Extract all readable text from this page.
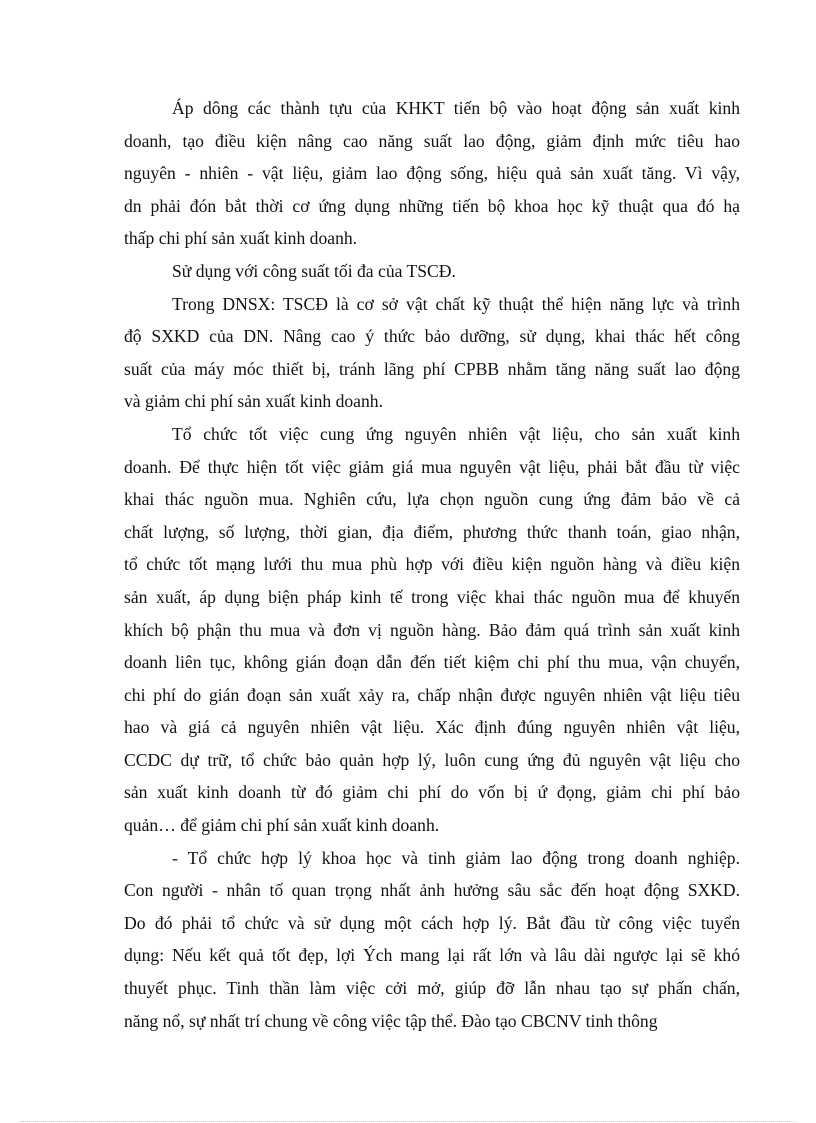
Áp dông các thành tựu của KHKT tiến bộ vào hoạt động sản xuất kinh
doanh, tạo điều kiện nâng cao năng suất lao động, giảm định mức tiêu hao
nguyên - nhiên - vật liệu, giảm lao động sống, hiệu quả sản xuất tăng. Vì vậy,
dn phải đón bắt thời cơ ứng dụng những tiến bộ khoa học kỹ thuật qua đó hạ
thấp chi phí sản xuất kinh doanh.
Sử dụng với công suất tối đa của TSCĐ.
Trong DNSX: TSCĐ là cơ sở vật chất kỹ thuật thể hiện năng lực và trình
độ SXKD của DN. Nâng cao ý thức bảo dưỡng, sử dụng, khai thác hết công
suất của máy móc thiết bị, tránh lãng phí CPBB nhằm tăng năng suất lao động
và giảm chi phí sản xuất kinh doanh.
Tổ chức tốt việc cung ứng nguyên nhiên vật liệu, cho sản xuất kinh
doanh. Để thực hiện tốt việc giảm giá mua nguyên vật liệu, phải bắt đầu từ việc
khai thác nguồn mua. Nghiên cứu, lựa chọn nguồn cung ứng đảm bảo về cả
chất lượng, số lượng, thời gian, địa điểm, phương thức thanh toán, giao nhận,
tổ chức tốt mạng lưới thu mua phù hợp với điều kiện nguồn hàng và điều kiện
sản xuất, áp dụng biện pháp kinh tế trong việc khai thác nguồn mua để khuyến
khích bộ phận thu mua và đơn vị nguồn hàng. Bảo đảm quá trình sản xuất kinh
doanh liên tục, không gián đoạn dẫn đến tiết kiệm chi phí thu mua, vận chuyển,
chi phí do gián đoạn sản xuất xảy ra, chấp nhận được nguyên nhiên vật liệu tiêu
hao và giá cả nguyên nhiên vật liệu. Xác định đúng nguyên nhiên vật liệu,
CCDC dự trữ, tổ chức bảo quản hợp lý, luôn cung ứng đủ nguyên vật liệu cho
sản xuất kinh doanh từ đó giảm chi phí do vốn bị ứ đọng, giảm chi phí bảo
quản… để giảm chi phí sản xuất kinh doanh.
- Tổ chức hợp lý khoa học và tinh giảm lao động trong doanh nghiệp.
Con người - nhân tố quan trọng nhất ảnh hưởng sâu sắc đến hoạt động SXKD.
Do đó phải tổ chức và sử dụng một cách hợp lý. Bắt đầu từ công việc tuyển
dụng: Nếu kết quả tốt đẹp, lợi Ých mang lại rất lớn và lâu dài ngược lại sẽ khó
thuyết phục. Tinh thần làm việc cởi mở, giúp đỡ lẫn nhau tạo sự phấn chấn,
năng nổ, sự nhất trí chung về công việc tập thể. Đào tạo CBCNV tinh thông
